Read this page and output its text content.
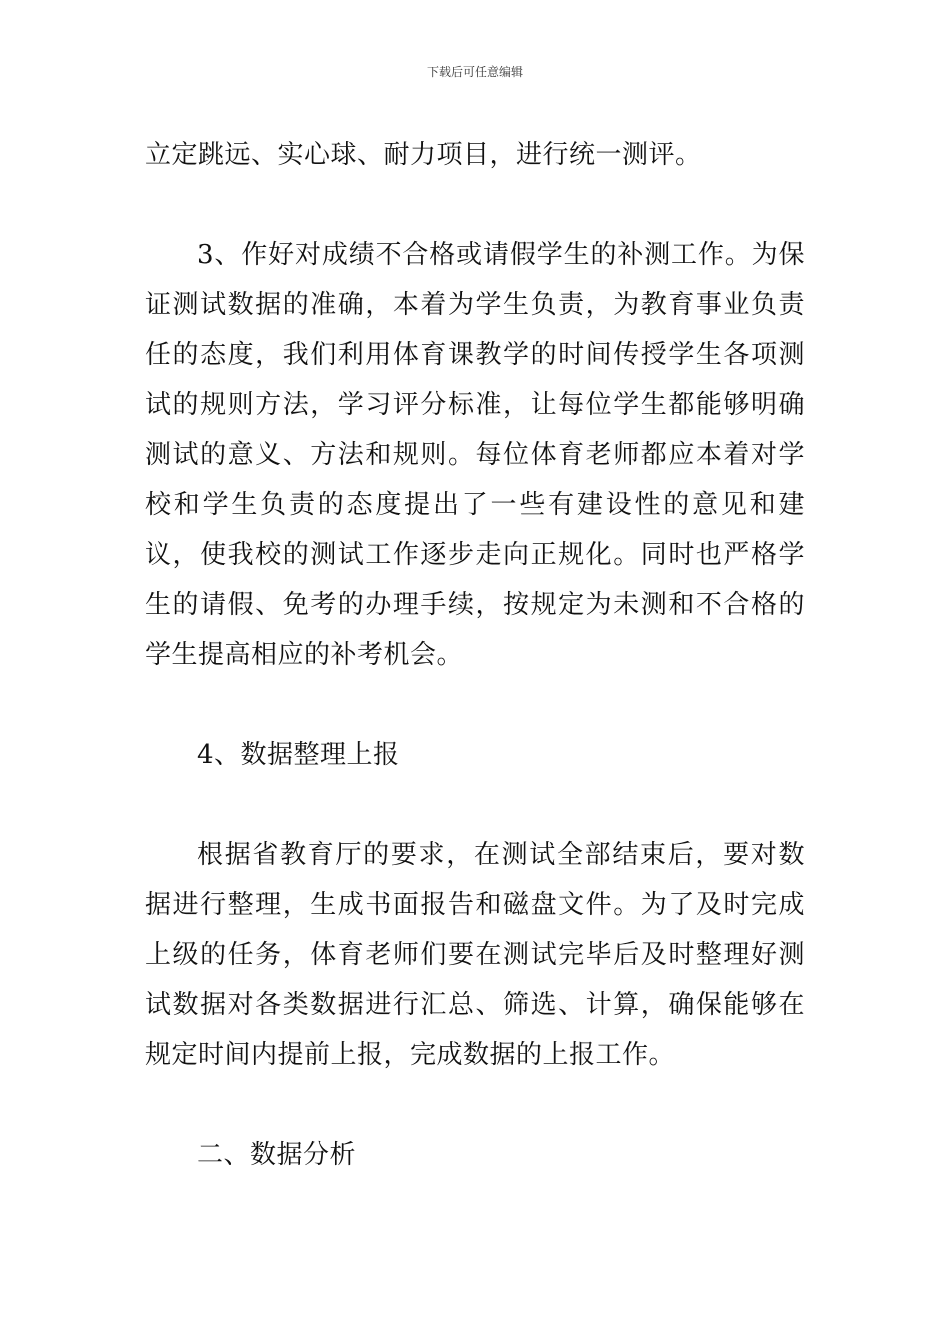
下载后可任意编辑

立定跳远、实心球、耐力项目，进行统一测评。

3、作好对成绩不合格或请假学生的补测工作。为保证测试数据的准确，本着为学生负责，为教育事业负责任的态度，我们利用体育课教学的时间传授学生各项测试的规则方法，学习评分标准，让每位学生都能够明确测试的意义、方法和规则。每位体育老师都应本着对学校和学生负责的态度提出了一些有建设性的意见和建议，使我校的测试工作逐步走向正规化。同时也严格学生的请假、免考的办理手续，按规定为未测和不合格的学生提高相应的补考机会。

4、数据整理上报

根据省教育厅的要求，在测试全部结束后，要对数据进行整理，生成书面报告和磁盘文件。为了及时完成上级的任务，体育老师们要在测试完毕后及时整理好测试数据对各类数据进行汇总、筛选、计算，确保能够在规定时间内提前上报，完成数据的上报工作。

二、数据分析
